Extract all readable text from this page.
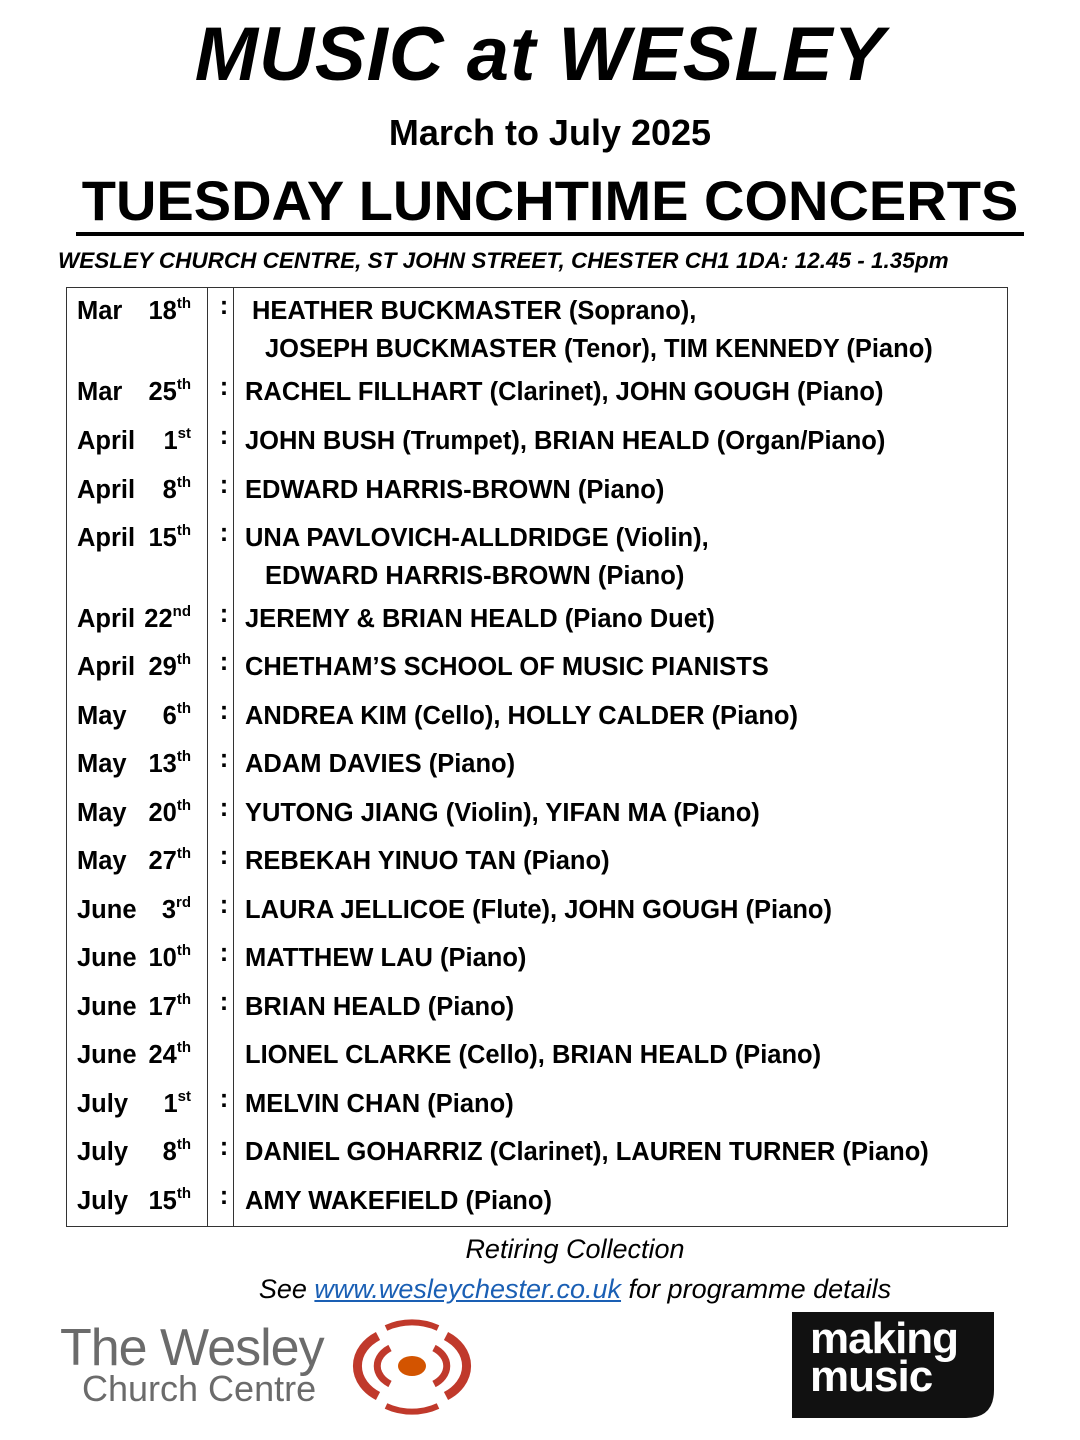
MUSIC at WESLEY
March to July 2025
TUESDAY LUNCHTIME CONCERTS
WESLEY CHURCH CENTRE, ST JOHN STREET, CHESTER CH1 1DA: 12.45 - 1.35pm
Mar	18th : HEATHER BUCKMASTER (Soprano),
JOSEPH BUCKMASTER (Tenor), TIM KENNEDY (Piano)
Mar	25th : RACHEL FILLHART (Clarinet), JOHN GOUGH (Piano)
April	1st : JOHN BUSH (Trumpet), BRIAN HEALD (Organ/Piano)
April	8th : EDWARD HARRIS-BROWN (Piano)
April 15th : UNA PAVLOVICH-ALLDRIDGE (Violin),
EDWARD HARRIS-BROWN (Piano)
April 22nd : JEREMY & BRIAN HEALD (Piano Duet)
April 29th : CHETHAM’S SCHOOL OF MUSIC PIANISTS
May	6th : ANDREA KIM (Cello), HOLLY CALDER (Piano)
May 13th : ADAM DAVIES (Piano)
May 20th : YUTONG JIANG (Violin), YIFAN MA (Piano)
May 27th : REBEKAH YINUO TAN (Piano)
June 3rd : LAURA JELLICOE (Flute), JOHN GOUGH (Piano)
June 10th : MATTHEW LAU (Piano)
June 17th : BRIAN HEALD (Piano)
June 24th LIONEL CLARKE (Cello), BRIAN HEALD (Piano)
July	1st : MELVIN CHAN (Piano)
July	8th : DANIEL GOHARRIZ (Clarinet), LAUREN TURNER (Piano)
July 15th : AMY WAKEFIELD (Piano)
Retiring Collection
See www.wesleychester.co.uk for programme details
The Wesley
Church Centre
making
music
